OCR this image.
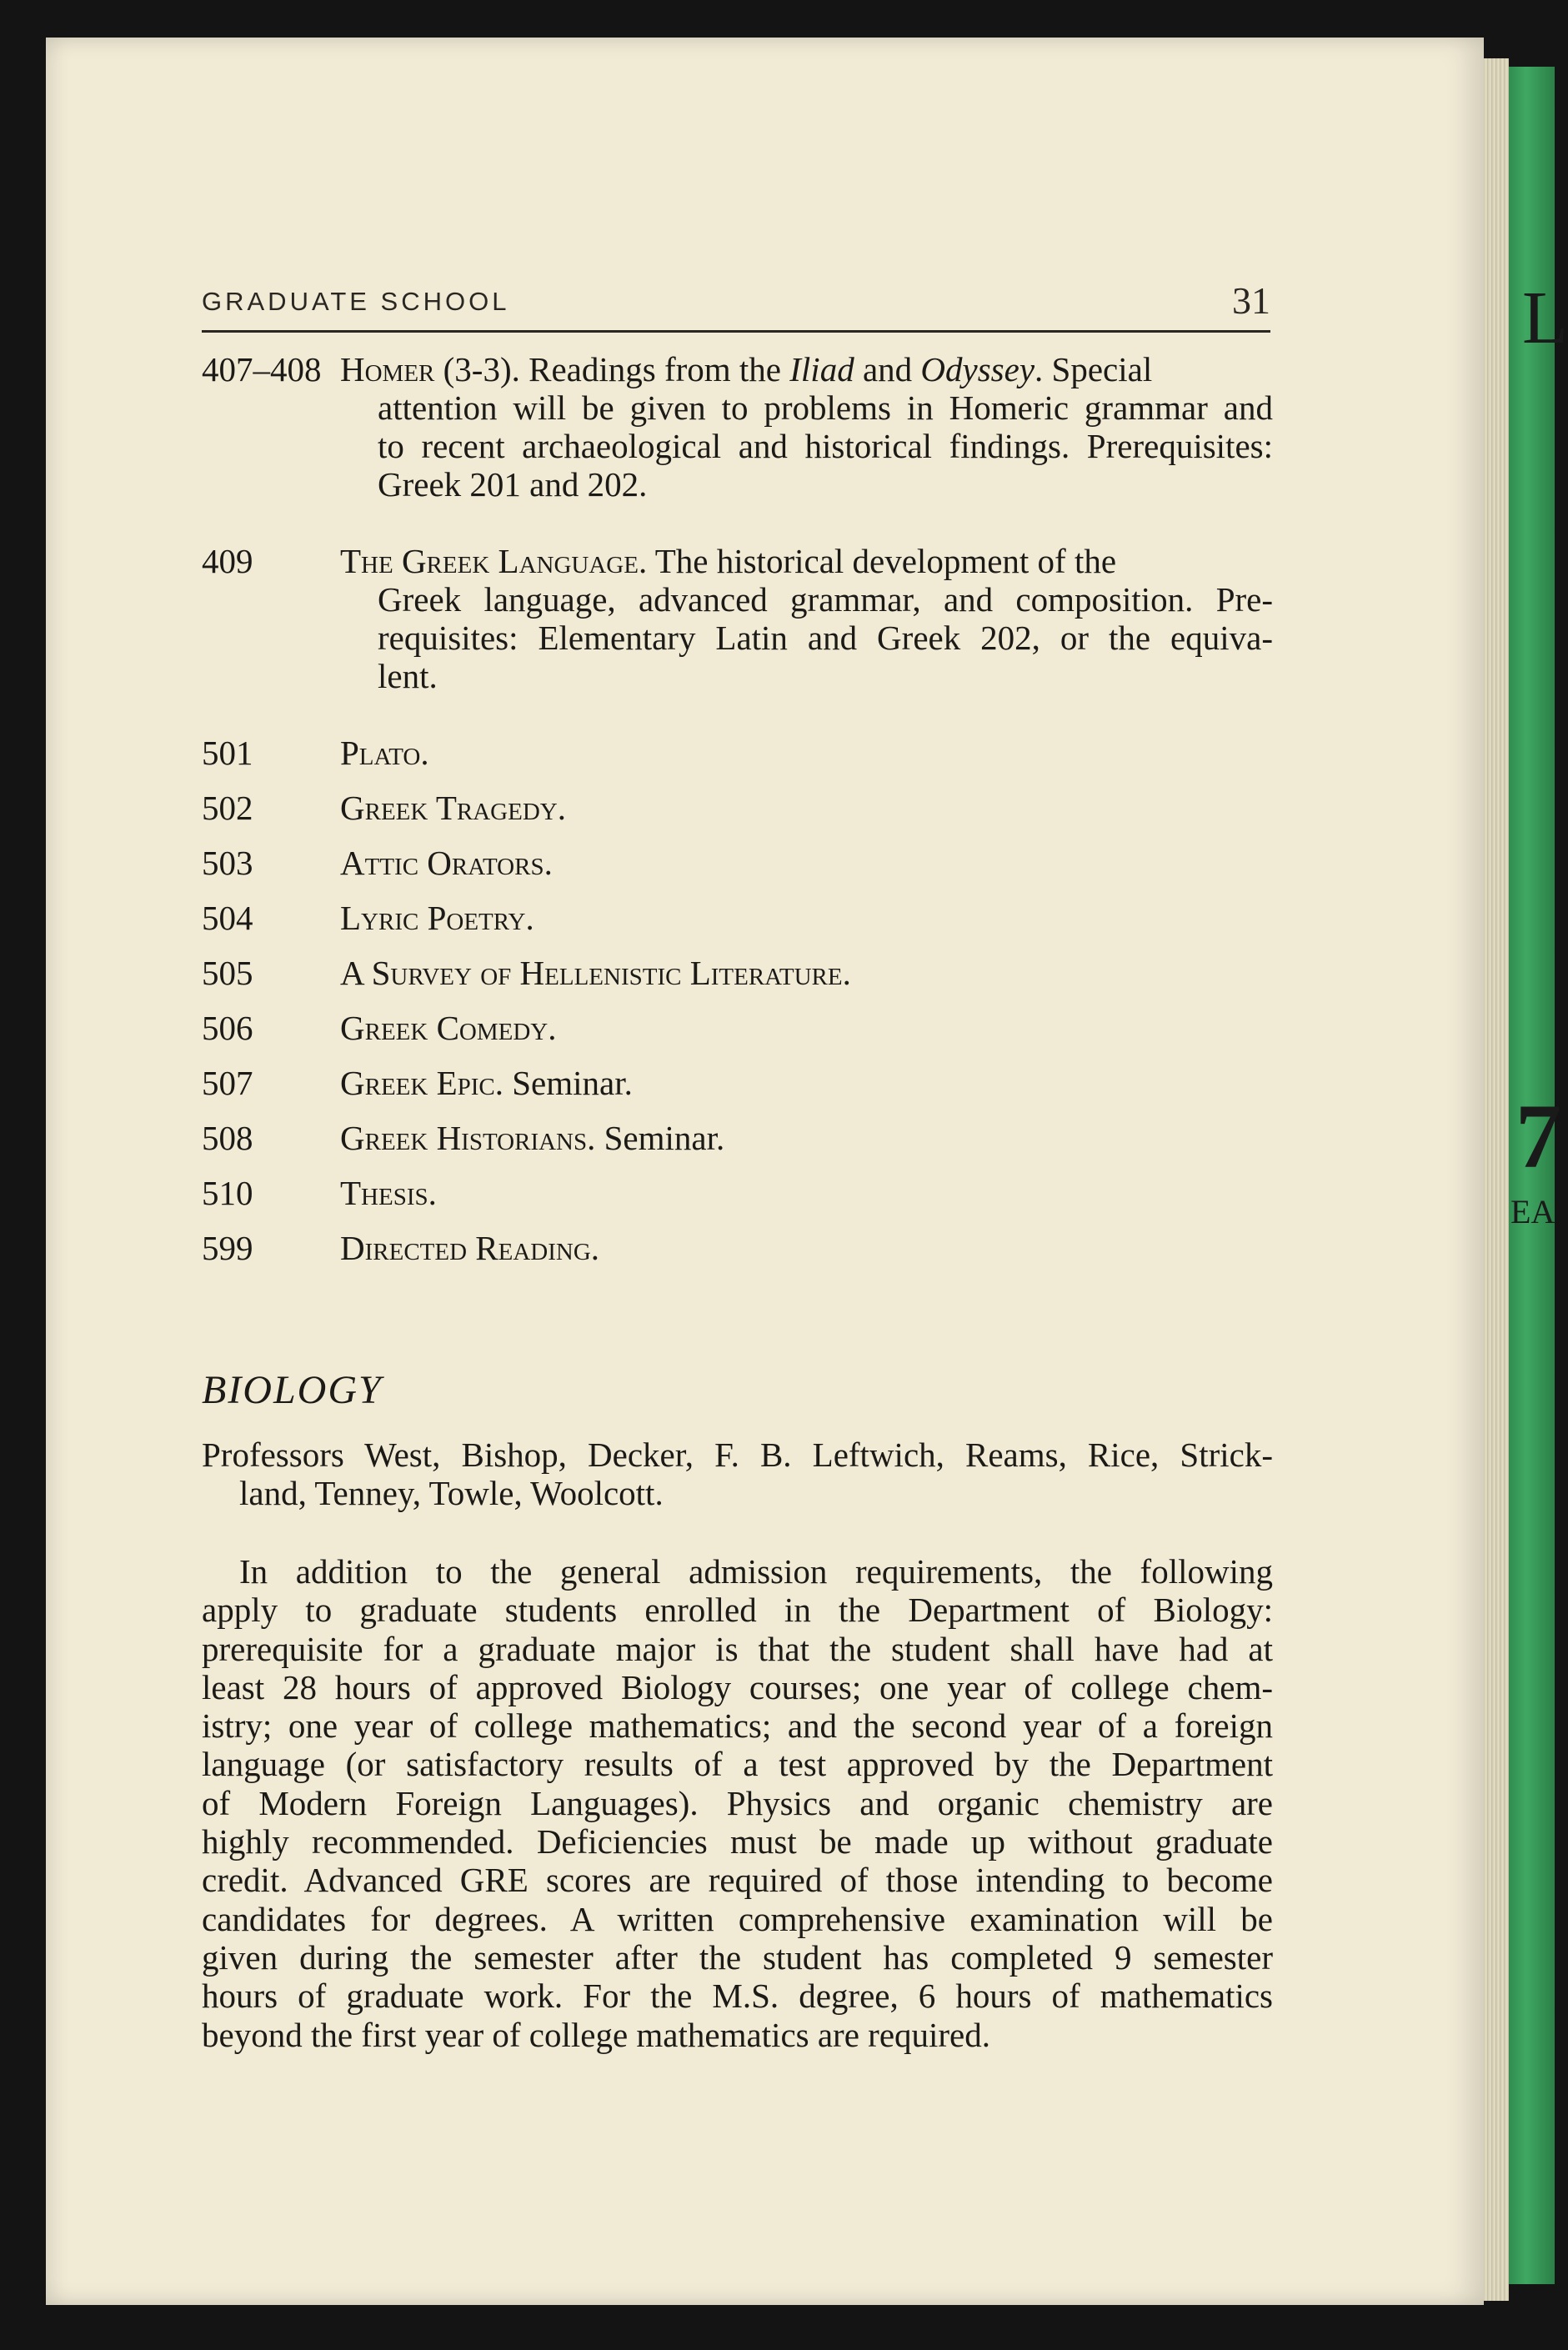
L
7
EA
GRADUATE SCHOOL	31
407–408 Homer (3-3). Readings from the Iliad and Odyssey. Special
attention will be given to problems in Homeric grammar and
to recent archaeological and historical findings. Prerequisites:
Greek 201 and 202.
409	The Greek Language. The historical development of the
Greek language, advanced grammar, and composition. Pre-
requisites: Elementary Latin and Greek 202, or the equiva-
lent.
501	Plato.
502	Greek Tragedy.
503	Attic Orators.
504	Lyric Poetry.
505	A Survey of Hellenistic Literature.
506	Greek Comedy.
507	Greek Epic. Seminar.
508	Greek Historians. Seminar.
510	Thesis.
599	Directed Reading.
BIOLOGY
Professors West, Bishop, Decker, F. B. Leftwich, Reams, Rice, Strick-
land, Tenney, Towle, Woolcott.
In addition to the general admission requirements, the following
apply to graduate students enrolled in the Department of Biology:
prerequisite for a graduate major is that the student shall have had at
least 28 hours of approved Biology courses; one year of college chem-
istry; one year of college mathematics; and the second year of a foreign
language (or satisfactory results of a test approved by the Department
of Modern Foreign Languages). Physics and organic chemistry are
highly recommended. Deficiencies must be made up without graduate
credit. Advanced GRE scores are required of those intending to become
candidates for degrees. A written comprehensive examination will be
given during the semester after the student has completed 9 semester
hours of graduate work. For the M.S. degree, 6 hours of mathematics
beyond the first year of college mathematics are required.
